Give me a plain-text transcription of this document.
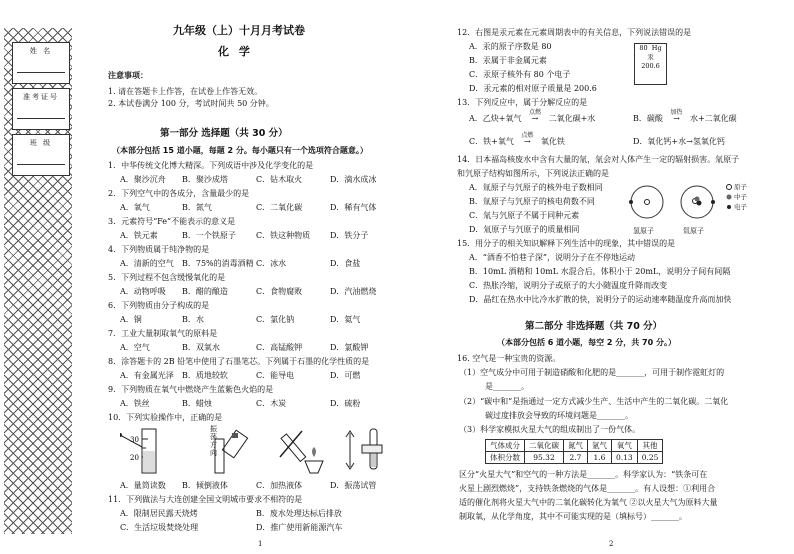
姓 名
准考证号
班 级
九年级（上）十月月考试卷
化 学
注意事项：
1. 请在答题卡上作答，在试卷上作答无效。
2. 本试卷满分 100 分，考试时间共 50 分钟。
第一部分 选择题（共 30 分）
（本部分包括 15 道小题，每题 2 分。每小题只有一个选项符合题意。）
1．中华传统文化博大精深。下列成语中涉及化学变化的是
A．聚沙沉舟 B．聚沙成塔	C．钻木取火	D．滴水成冰
2．下列空气中的各成分，含量最少的是
A．氧气	B．氮气	C．二氧化碳	D．稀有气体
3．元素符号“Fe”不能表示的意义是
A．铁元素	B．一个铁原子	C．铁这种物质 D．铁分子
4．下列物质属于纯净物的是
A．清新的空气 B．75%的消毒酒精 C．冰水	D．食盐
5．下列过程不包含缓慢氧化的是
A．动物呼吸 B．醋的酿造	C．食物腐败	D．汽油燃烧
6．下列物质由分子构成的是
A．铜	B．水	C．氯化钠	D．氦气
7．工业大量制取氧气的原料是
A．空气	B．双氧水	C．高锰酸钾	D．氯酸钾
8．涂答题卡的 2B 铅笔中使用了石墨笔芯。下列属于石墨的化学性质的是
A．有金属光泽 B．质地较软	C．能导电	D．可燃
9．下列物质在氧气中燃烧产生蓝紫色火焰的是
A．铁丝	B．蜡烛	C．木炭	D．硫粉
10．下列实验操作中，正确的是
30
20
振荡方向
A．量筒读数 B．倾倒液体	C．加热液体	D．振荡试管
11．下列做法与大连创建全国文明城市要求不相符的是
A．限制居民露天烧烤	B．废水处理达标后排放
C．生活垃圾焚烧处理	D．推广使用新能源汽车
1
12．右图是汞元素在元素周期表中的有关信息，下列说法错误的是
A．汞的原子序数是 80
B．汞属于非金属元素
C．汞原子核外有 80 个电子
D．汞元素的相对原子质量是 200.6
80 Hg
汞
200.6
13．下列反应中，属于分解反应的是
A．乙炔+氧气
点燃
→ 二氧化碳+水	B．碳酸
加热
→ 水+二氧化碳
C．铁+氧气
点燃
→ 氧化铁	D．氧化钙+水→氢氧化钙
14．日本福岛核废水中含有大量的氚，氚会对人体产生一定的辐射损害。氚原子
和氕原子结构如图所示，下列说法正确的是
A．氚原子与氕原子的核外电子数相同
B．氚原子与氕原子的核电荷数不同
C．氚与氕原子不属于同种元素
D．氚原子与氕原子的质量相同	氢原子	氚原子
原子
中子
电子
15．用分子的相关知识解释下列生活中的现象，其中错误的是
A．“酒香不怕巷子深”，说明分子在不停地运动
B．10mL 酒精和 10mL 水混合后，体积小于 20mL，说明分子间有间隔
C．热胀冷缩，说明分子或原子的大小随温度升降而改变
D．晶红在热水中比冷水扩散的快，说明分子的运动速率随温度升高而加快
第二部分 非选择题（共 70 分）
（本部分包括 6 道小题，每空 2 分，共 70 分。）
16. 空气是一种宝贵的资源。
（1）空气成分中可用于制造硝酸和化肥的是_______，可用于制作霓虹灯的
是_______。
（2）“碳中和”是指通过一定方式减少生产、生活中产生的二氧化碳。二氧化
碳过度排放会导致的环境问题是_______。
（3）科学家模拟火星大气的组成制出了一份气体。
气体成分	二氧化碳	氮气	氩气	氧气	其他
体积分数	95.32	2.7	1.6	0.13	0.25
区分“火星大气”和空气的一种方法是_______。科学家认为：“铁条可在
火星上剧烈燃烧”，支持铁条燃烧的气体是_______。有人设想：①利用合
适的催化剂将火星大气中的二氧化碳转化为氧气 ②以火星大气为原料大量
制取氧，从化学角度，其中不可能实现的是（填标号）_______。
2
